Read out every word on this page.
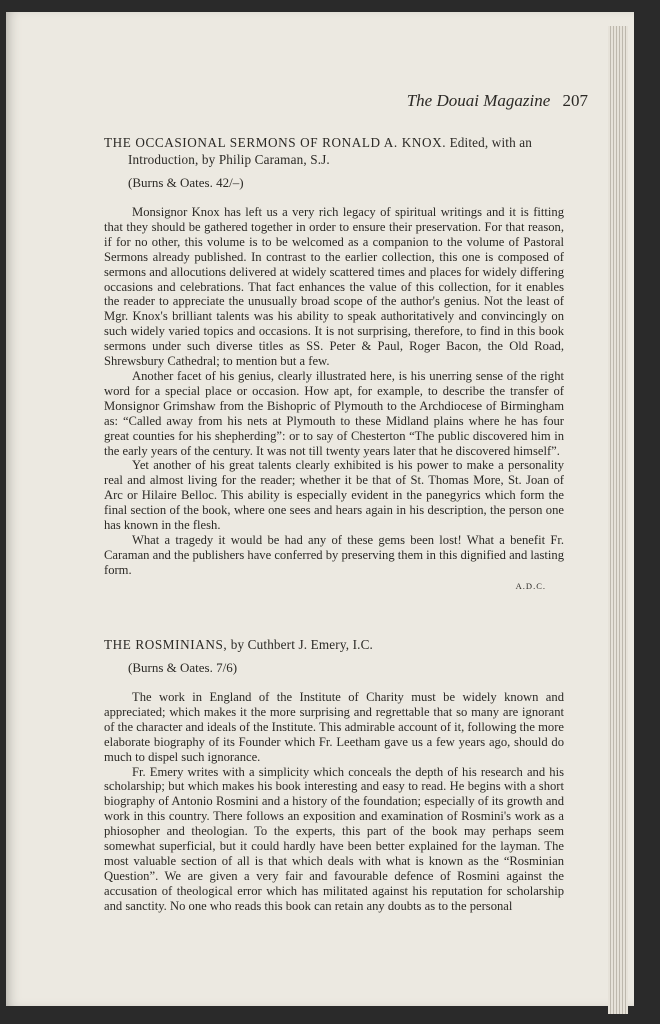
The Douai Magazine 207
THE OCCASIONAL SERMONS OF RONALD A. KNOX. Edited, with an Introduction, by Philip Caraman, S.J.

(Burns & Oates. 42/–)

Monsignor Knox has left us a very rich legacy of spiritual writings and it is fitting that they should be gathered together in order to ensure their preservation. For that reason, if for no other, this volume is to be welcomed as a companion to the volume of Pastoral Sermons already published. In contrast to the earlier collection, this one is composed of sermons and allocutions delivered at widely scattered times and places for widely differing occasions and celebrations. That fact enhances the value of this collection, for it enables the reader to appreciate the unusually broad scope of the author's genius. Not the least of Mgr. Knox's brilliant talents was his ability to speak authoritatively and convincingly on such widely varied topics and occasions. It is not surprising, therefore, to find in this book sermons under such diverse titles as SS. Peter & Paul, Roger Bacon, the Old Road, Shrewsbury Cathedral; to mention but a few.

Another facet of his genius, clearly illustrated here, is his unerring sense of the right word for a special place or occasion. How apt, for example, to describe the transfer of Monsignor Grimshaw from the Bishopric of Plymouth to the Archdiocese of Birmingham as: “Called away from his nets at Plymouth to these Midland plains where he has four great counties for his shepherding”: or to say of Chesterton “The public discovered him in the early years of the century. It was not till twenty years later that he discovered himself”.

Yet another of his great talents clearly exhibited is his power to make a personality real and almost living for the reader; whether it be that of St. Thomas More, St. Joan of Arc or Hilaire Belloc. This ability is especially evident in the panegyrics which form the final section of the book, where one sees and hears again in his description, the person one has known in the flesh.

What a tragedy it would be had any of these gems been lost! What a benefit Fr. Caraman and the publishers have conferred by preserving them in this dignified and lasting form.

A.D.C.

THE ROSMINIANS, by Cuthbert J. Emery, I.C.

(Burns & Oates. 7/6)

The work in England of the Institute of Charity must be widely known and appreciated; which makes it the more surprising and regrettable that so many are ignorant of the character and ideals of the Institute. This admirable account of it, following the more elaborate biography of its Founder which Fr. Leetham gave us a few years ago, should do much to dispel such ignorance.

Fr. Emery writes with a simplicity which conceals the depth of his research and his scholarship; but which makes his book interesting and easy to read. He begins with a short biography of Antonio Rosmini and a history of the foundation; especially of its growth and work in this country. There follows an exposition and examination of Rosmini's work as a phiosopher and theologian. To the experts, this part of the book may perhaps seem somewhat superficial, but it could hardly have been better explained for the layman. The most valuable section of all is that which deals with what is known as the “Rosminian Question”. We are given a very fair and favourable defence of Rosmini against the accusation of theological error which has militated against his reputation for scholarship and sanctity. No one who reads this book can retain any doubts as to the personal
